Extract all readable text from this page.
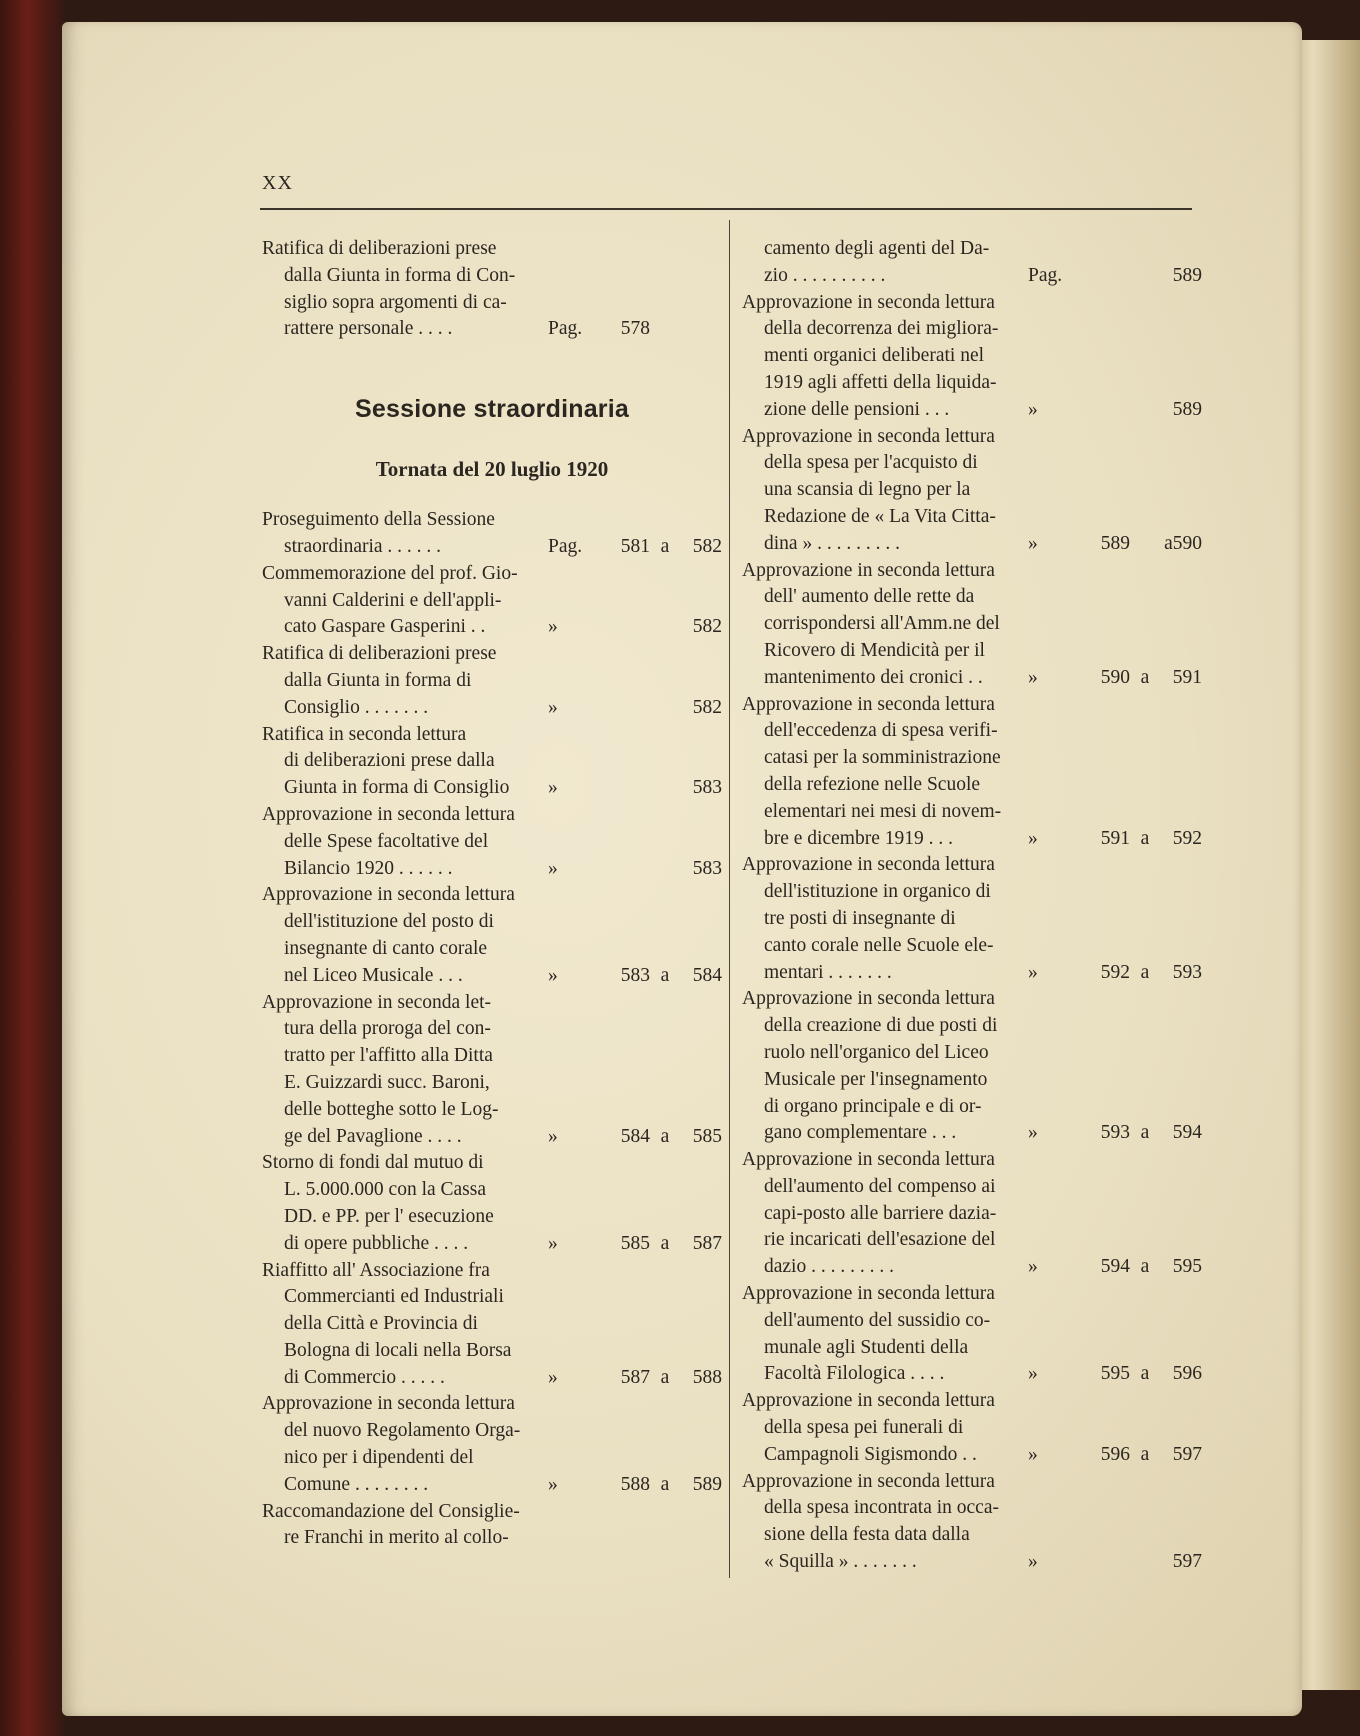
XX
Ratifica di deliberazioni prese
dalla Giunta in forma di Con-
siglio sopra argomenti di ca-
rattere personale . . . .	Pag.	578
Sessione straordinaria
Tornata del 20 luglio 1920
Proseguimento della Sessione
straordinaria . . . . . .	Pag.	581 a	582
Commemorazione del prof. Gio-
vanni Calderini e dell'appli-
cato Gaspare Gasperini . .	»	582
Ratifica di deliberazioni prese
dalla Giunta in forma di
Consiglio . . . . . . .	»	582
Ratifica in seconda lettura
di deliberazioni prese dalla
Giunta in forma di Consiglio »	583
Approvazione in seconda lettura
delle Spese facoltative del
Bilancio 1920 . . . . . .	»	583
Approvazione in seconda lettura
dell'istituzione del posto di
insegnante di canto corale
nel Liceo Musicale . . .	»	583 a	584
Approvazione in seconda let-
tura della proroga del con-
tratto per l'affitto alla Ditta
E. Guizzardi succ. Baroni,
delle botteghe sotto le Log-
ge del Pavaglione . . . .	»	584 a	585
Storno di fondi dal mutuo di
L. 5.000.000 con la Cassa
DD. e PP. per l' esecuzione
di opere pubbliche . . . .	»	585 a	587
Riaffitto all' Associazione fra
Commercianti ed Industriali
della Città e Provincia di
Bologna di locali nella Borsa
di Commercio . . . . .	»	587 a	588
Approvazione in seconda lettura
del nuovo Regolamento Orga-
nico per i dipendenti del
Comune . . . . . . . .	»	588 a	589
Raccomandazione del Consiglie-
re Franchi in merito al collo-
camento degli agenti del Da-
zio . . . . . . . . . .	Pag.	589
Approvazione in seconda lettura
della decorrenza dei migliora-
menti organici deliberati nel
1919 agli affetti della liquida-
zione delle pensioni . . .	»	589
Approvazione in seconda lettura
della spesa per l'acquisto di
una scansia di legno per la
Redazione de « La Vita Citta-
dina » . . . . . . . . .	»	589 a590
Approvazione in seconda lettura
dell' aumento delle rette da
corrispondersi all'Amm.ne del
Ricovero di Mendicità per il
mantenimento dei cronici . . »	590 a	591
Approvazione in seconda lettura
dell'eccedenza di spesa verifi-
catasi per la somministrazione
della refezione nelle Scuole
elementari nei mesi di novem-
bre e dicembre 1919 . . .	»	591 a	592
Approvazione in seconda lettura
dell'istituzione in organico di
tre posti di insegnante di
canto corale nelle Scuole ele-
mentari . . . . . . .	»	592 a	593
Approvazione in seconda lettura
della creazione di due posti di
ruolo nell'organico del Liceo
Musicale per l'insegnamento
di organo principale e di or-
gano complementare . . .	»	593 a	594
Approvazione in seconda lettura
dell'aumento del compenso ai
capi-posto alle barriere dazia-
rie incaricati dell'esazione del
dazio . . . . . . . . .	»	594 a	595
Approvazione in seconda lettura
dell'aumento del sussidio co-
munale agli Studenti della
Facoltà Filologica . . . .	»	595 a	596
Approvazione in seconda lettura
della spesa pei funerali di
Campagnoli Sigismondo . .	»	596 a	597
Approvazione in seconda lettura
della spesa incontrata in occa-
sione della festa data dalla
« Squilla » . . . . . . .	»	597
